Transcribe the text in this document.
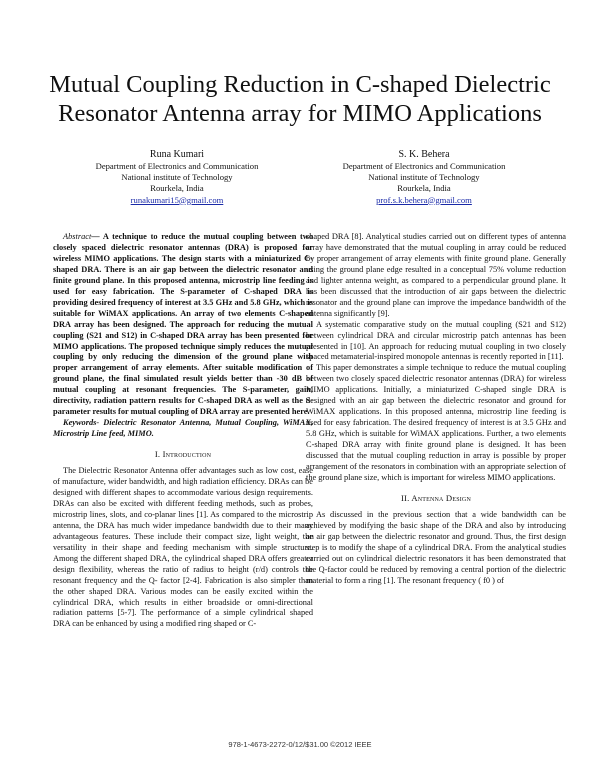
Mutual Coupling Reduction in C-shaped Dielectric Resonator Antenna array for MIMO Applications
Runa Kumari
Department of Electronics and Communication
National institute of Technology
Rourkela, India
runakumari15@gmail.com
S. K. Behera
Department of Electronics and Communication
National institute of Technology
Rourkela, India
prof.s.k.behera@gmail.com

Abstract— A technique to reduce the mutual coupling between two closely spaced dielectric resonator antennas (DRA) is proposed for wireless MIMO applications. The design starts with a miniaturized C-shaped DRA. There is an air gap between the dielectric resonator and finite ground plane. In this proposed antenna, microstrip line feeding is used for easy fabrication. The S-parameter of C-shaped DRA is providing desired frequency of interest at 3.5 GHz and 5.8 GHz, which is suitable for WiMAX applications. An array of two elements C-shaped DRA array has been designed. The approach for reducing the mutual coupling (S21 and S12) in C-shaped DRA array has been presented for MIMO applications. The proposed technique simply reduces the mutual coupling by only reducing the dimension of the ground plane with proper arrangement of array elements. After suitable modification of ground plane, the final simulated result yields better than -30 dB of mutual coupling at resonant frequencies. The S-parameter, gain, directivity, radiation pattern results for C-shaped DRA as well as the S-parameter results for mutual coupling of DRA array are presented here.

Keywords- Dielectric Resonator Antenna, Mutual Coupling, WiMAX, Microstrip Line feed, MIMO.

I. Introduction

The Dielectric Resonator Antenna offer advantages such as low cost, ease of manufacture, wider bandwidth, and high radiation efficiency. DRAs can be designed with different shapes to accommodate various design requirements. DRAs can also be excited with different feeding methods, such as probes, microstrip lines, slots, and co-planar lines [1]. As compared to the microstrip antenna, the DRA has much wider impedance bandwidth due to their many advantageous features. These include their compact size, light weight, the versatility in their shape and feeding mechanism with simple structure. Among the different shaped DRA, the cylindrical shaped DRA offers greater design flexibility, whereas the ratio of radius to height (r/d) controls the resonant frequency and the Q- factor [2-4]. Fabrication is also simpler than the other shaped DRA. Various modes can be easily excited within the cylindrical DRA, which results in either broadside or omni-directional radiation patterns [5-7]. The performance of a simple cylindrical shaped DRA can be enhanced by using a modified ring shaped or C-

shaped DRA [8]. Analytical studies carried out on different types of antenna array have demonstrated that the mutual coupling in array could be reduced by proper arrangement of array elements with finite ground plane. Generally using the ground plane edge resulted in a conceptual 75% volume reduction and lighter antenna weight, as compared to a perpendicular ground plane. It has been discussed that the introduction of air gaps between the dielectric resonator and the ground plane can improve the impedance bandwidth of the antenna significantly [9].

A systematic comparative study on the mutual coupling (S21 and S12) between cylindrical DRA and circular microstrip patch antennas has been presented in [10]. An approach for reducing mutual coupling in two closely spaced metamaterial-inspired monopole antennas is recently reported in [11].

This paper demonstrates a simple technique to reduce the mutual coupling between two closely spaced dielectric resonator antennas (DRA) for wireless MIMO applications. Initially, a miniaturized C-shaped single DRA is designed with an air gap between the dielectric resonator and ground for WiMAX applications. In this proposed antenna, microstrip line feeding is used for easy fabrication. The desired frequency of interest is at 3.5 GHz and 5.8 GHz, which is suitable for WiMAX applications. Further, a two elements C-shaped DRA array with finite ground plane is designed. It has been discussed that the mutual coupling reduction in array is possible by proper arrangement of the resonators in combination with an appropriate selection of the ground plane size, which is important for wireless MIMO applications.

II. Antenna Design

As discussed in the previous section that a wide bandwidth can be achieved by modifying the basic shape of the DRA and also by introducing an air gap between the dielectric resonator and ground. Thus, the first design step is to modify the shape of a cylindrical DRA. From the analytical studies carried out on cylindrical dielectric resonators it has been demonstrated that the Q-factor could be reduced by removing a central portion of the dielectric material to form a ring [1]. The resonant frequency ( f0 ) of

978-1-4673-2272-0/12/$31.00 ©2012 IEEE
